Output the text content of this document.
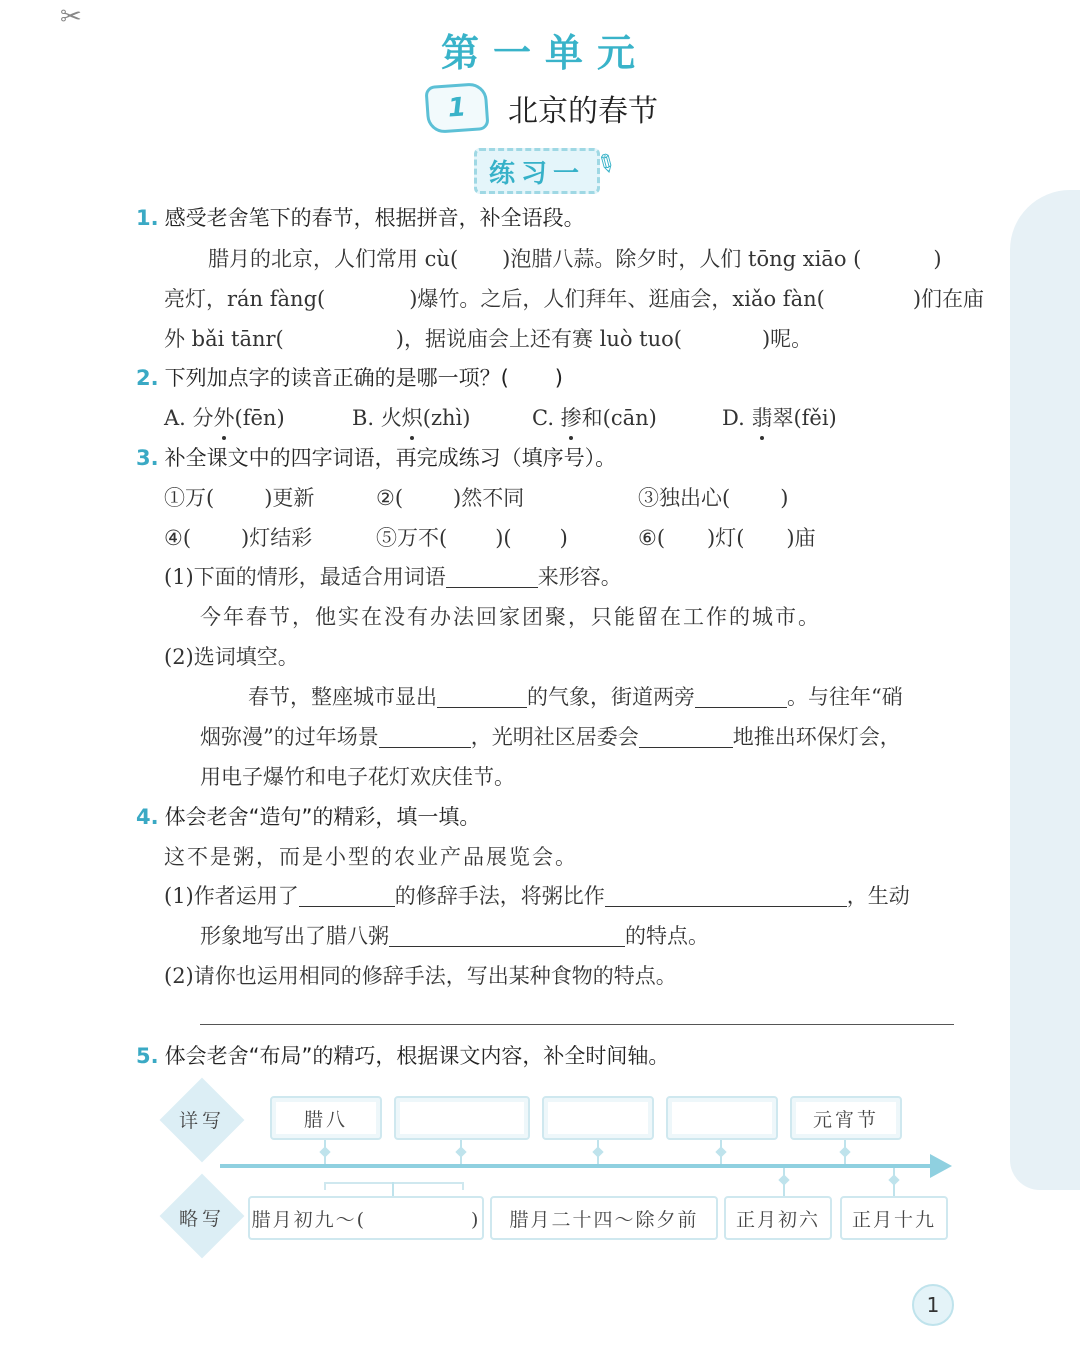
✂
第一单元
1	北京的春节
练习一 ✎
1. 感受老舍笔下的春节，根据拼音，补全语段。
腊月的北京，人们常用 cù( )泡腊八蒜。除夕时，人们 tōng xiāo (	)
亮灯，rán fàng(	)爆竹。之后，人们拜年、逛庙会，xiǎo fàn(	)们在庙
外 bǎi tānr(	)，据说庙会上还有赛 luò tuo(	)呢。
2. 下列加点字的读音正确的是哪一项？( )
A. 分外(fēn)	B. 火炽(zhì)	C. 掺和(cān)	D. 翡翠(fěi)
3. 补全课文中的四字词语，再完成练习（填序号）。
①万( )更新	②( )然不同	③独出心( )
④( )灯结彩	⑤万不( )( )	⑥( )灯( )庙
(1)下面的情形，最适合用词语	来形容。
今年春节，他实在没有办法回家团聚，只能留在工作的城市。
(2)选词填空。
春节，整座城市显出	的气象，街道两旁	。与往年“硝
烟弥漫”的过年场景	，光明社区居委会	地推出环保灯会，
用电子爆竹和电子花灯欢庆佳节。
4. 体会老舍“造句”的精彩，填一填。
这不是粥，而是小型的农业产品展览会。
(1)作者运用了	的修辞手法，将粥比作	，生动
形象地写出了腊八粥	的特点。
(2)请你也运用相同的修辞手法，写出某种食物的特点。
5. 体会老舍“布局”的精巧，根据课文内容，补全时间轴。
详写
略写
腊八	元宵节
腊月初九～(　　　　　)	腊月二十四～除夕前	正月初六	正月十九
1
